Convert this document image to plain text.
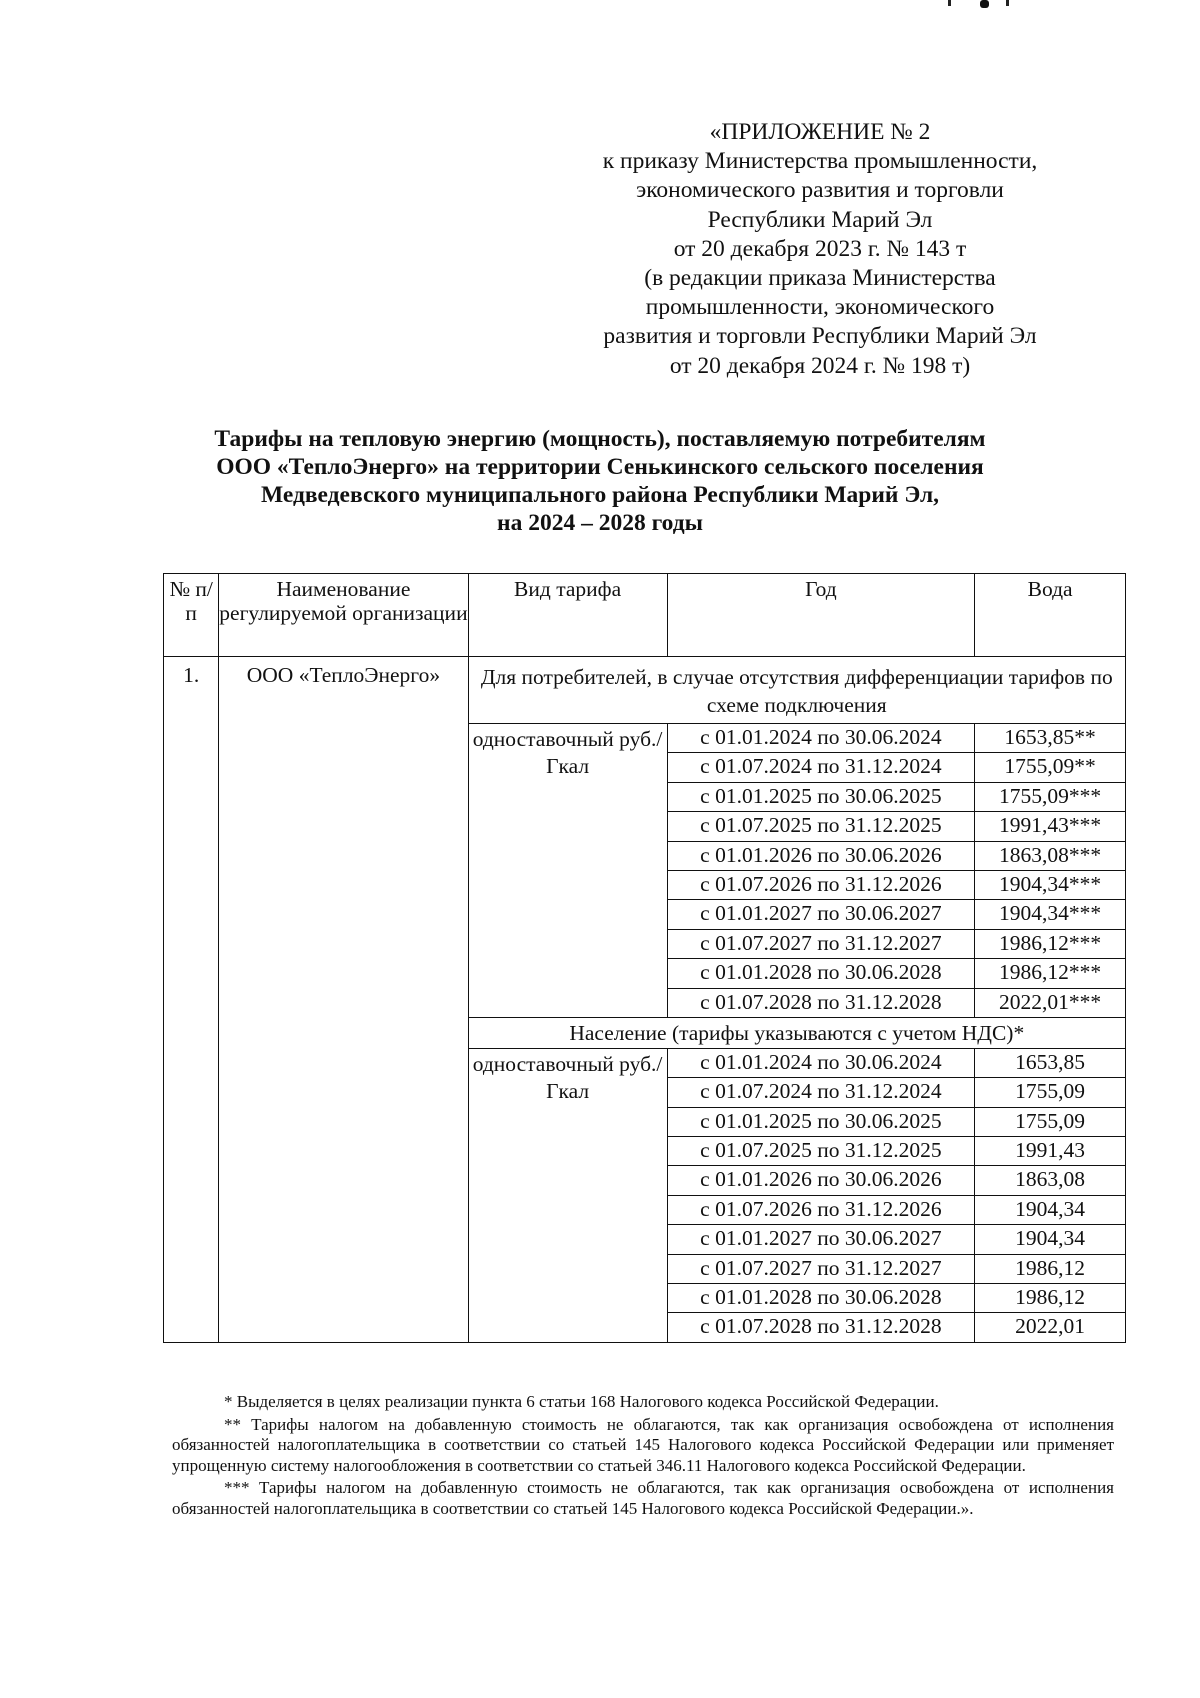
«ПРИЛОЖЕНИЕ № 2
к приказу Министерства промышленности,
экономического развития и торговли
Республики Марий Эл
от 20 декабря 2023 г. № 143 т
(в редакции приказа Министерства
промышленности, экономического
развития и торговли Республики Марий Эл
от 20 декабря 2024 г. № 198 т)
Тарифы на тепловую энергию (мощность), поставляемую потребителям
ООО «ТеплоЭнерго» на территории Сенькинского сельского поселения
Медведевского муниципального района Республики Марий Эл,
на 2024 – 2028 годы
№ п/п	Наименование регулируемой организации	Вид тарифа	Год	Вода

1.	ООО «ТеплоЭнерго»	Для потребителей, в случае отсутствия дифференциации тарифов по схеме подключения		
		одноставочный руб./Гкал	с 01.01.2024 по 30.06.2024	1653,85**
			с 01.07.2024 по 31.12.2024	1755,09**
			с 01.01.2025 по 30.06.2025	1755,09***
			с 01.07.2025 по 31.12.2025	1991,43***
			с 01.01.2026 по 30.06.2026	1863,08***
			с 01.07.2026 по 31.12.2026	1904,34***
			с 01.01.2027 по 30.06.2027	1904,34***
			с 01.07.2027 по 31.12.2027	1986,12***
			с 01.01.2028 по 30.06.2028	1986,12***
			с 01.07.2028 по 31.12.2028	2022,01***
		Население (тарифы указываются с учетом НДС)*		
		одноставочный руб./Гкал	с 01.01.2024 по 30.06.2024	1653,85
			с 01.07.2024 по 31.12.2024	1755,09
			с 01.01.2025 по 30.06.2025	1755,09
			с 01.07.2025 по 31.12.2025	1991,43
			с 01.01.2026 по 30.06.2026	1863,08
			с 01.07.2026 по 31.12.2026	1904,34
			с 01.01.2027 по 30.06.2027	1904,34
			с 01.07.2027 по 31.12.2027	1986,12
			с 01.01.2028 по 30.06.2028	1986,12
			с 01.07.2028 по 31.12.2028	2022,01

* Выделяется в целях реализации пункта 6 статьи 168 Налогового кодекса Российской Федерации.

** Тарифы налогом на добавленную стоимость не облагаются, так как организация освобождена от исполнения обязанностей налогоплательщика в соответствии со статьей 145 Налогового кодекса Российской Федерации или применяет упрощенную систему налогообложения в соответствии со статьей 346.11 Налогового кодекса Российской Федерации.

*** Тарифы налогом на добавленную стоимость не облагаются, так как организация освобождена от исполнения обязанностей налогоплательщика в соответствии со статьей 145 Налогового кодекса Российской Федерации.».
